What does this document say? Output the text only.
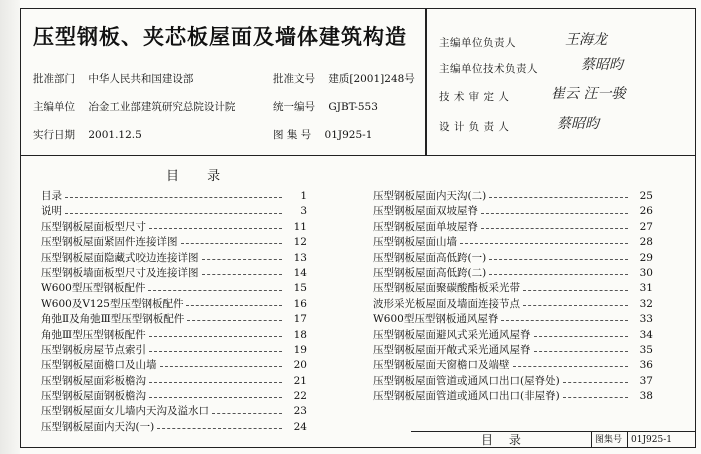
压型钢板、夹芯板屋面及墙体建筑构造
批准部门 中华人民共和国建设部	批准文号 建质[2001]248号
主编单位 冶金工业部建筑研究总院设计院	统一编号 GJBT-553
实行日期 2001.12.5	图 集 号 01J925-1
主编单位负责人	王海龙
主编单位技术负责人	蔡昭昀
技 术 审 定 人	崔云 汪一骏
设 计 负 责 人	蔡昭昀
目 录
目录	1
说明	3
压型钢板屋面板型尺寸	11
压型钢板屋面紧固件连接详图	12
压型钢板屋面隐藏式咬边连接详图	13
压型钢板墙面板型尺寸及连接详图	14
W600型压型钢板配件	15
W600及V125型压型钢板配件	16
角弛Ⅱ及角弛Ⅲ型压型钢板配件	17
角弛Ⅲ型压型钢板配件	18
压型钢板房屋节点索引	19
压型钢板屋面檐口及山墙	20
压型钢板屋面彩板檐沟	21
压型钢板屋面钢板檐沟	22
压型钢板屋面女儿墙内天沟及溢水口	23
压型钢板屋面内天沟(一)	24
压型钢板屋面内天沟(二)	25
压型钢板屋面双坡屋脊	26
压型钢板屋面单坡屋脊	27
压型钢板屋面山墙	28
压型钢板屋面高低跨(一)	29
压型钢板屋面高低跨(二)	30
压型钢板屋面聚碳酸酯板采光带	31
波形采光板屋面及墙面连接节点	32
W600型压型钢板通风屋脊	33
压型钢板屋面避风式采光通风屋脊	34
压型钢板屋面开敞式采光通风屋脊	35
压型钢板屋面天窗檐口及端壁	36
压型钢板屋面管道或通风口出口(屋脊处)	37
压型钢板屋面管道或通风口出口(非屋脊)	38
目 录	图集号 01J925-1
